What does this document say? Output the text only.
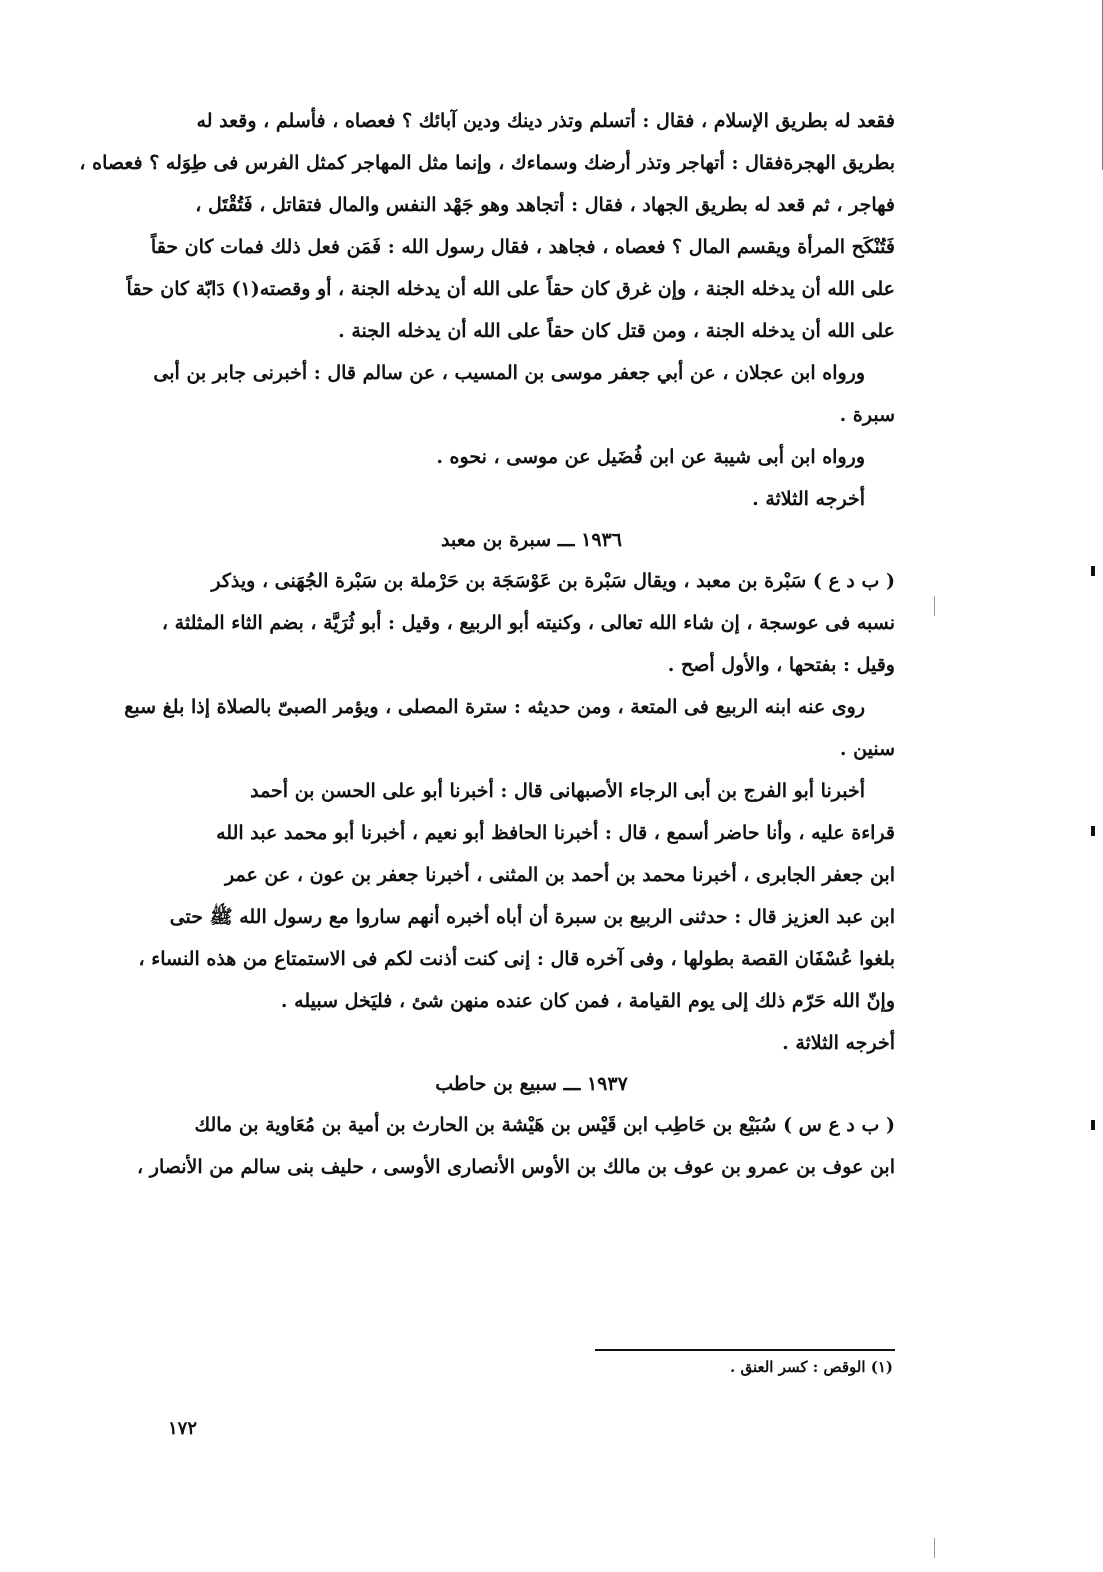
فقعد له بطريق الإسلام ، فقال : أتسلم وتذر دينك ودين آبائك ؟ فعصاه ، فأسلم ، وقعد له
بطريق الهجرةفقال : أتهاجر وتذر أرضك وسماءك ، وإنما مثل المهاجر كمثل الفرس فى طِوَله ؟ فعصاه ،
فهاجر ، ثم قعد له بطريق الجهاد ، فقال : أتجاهد وهو جَهْد النفس والمال فتقاتل ، فَتُقْتَل ،
فَتُنْكَح المرأة ويقسم المال ؟ فعصاه ، فجاهد ، فقال رسول الله : فَمَن فعل ذلك فمات كان حقاً
على الله أن يدخله الجنة ، وإن غرق كان حقاً على الله أن يدخله الجنة ، أو وقصته(١) دَابّة كان حقاً
على الله أن يدخله الجنة ، ومن قتل كان حقاً على الله أن يدخله الجنة .
ورواه ابن عجلان ، عن أبي جعفر موسى بن المسيب ، عن سالم قال : أخبرنى جابر بن أبى
سبرة .
ورواه ابن أبى شيبة عن ابن فُضَيل عن موسى ، نحوه .
أخرجه الثلاثة .
١٩٣٦ ـــ سبرة بن معبد
( ب د ع ) سَبْرة بن معبد ، ويقال سَبْرة بن عَوْسَجَة بن حَرْملة بن سَبْرة الجُهَنى ، ويذكر
نسبه فى عوسجة ، إن شاء الله تعالى ، وكنيته أبو الربيع ، وقيل : أبو ثُرَيَّة ، بضم الثاء المثلثة ،
وقيل : بفتحها ، والأول أصح .
روى عنه ابنه الربيع فى المتعة ، ومن حديثه : سترة المصلى ، ويؤمر الصبىّ بالصلاة إذا بلغ سبع
سنين .
أخبرنا أبو الفرج بن أبى الرجاء الأصبهانى قال : أخبرنا أبو على الحسن بن أحمد
قراءة عليه ، وأنا حاضر أسمع ، قال : أخبرنا الحافظ أبو نعيم ، أخبرنا أبو محمد عبد الله
ابن جعفر الجابرى ، أخبرنا محمد بن أحمد بن المثنى ، أخبرنا جعفر بن عون ، عن عمر
ابن عبد العزيز قال : حدثنى الربيع بن سبرة أن أباه أخبره أنهم ساروا مع رسول الله ﷺ حتى
بلغوا عُسْفَان القصة بطولها ، وفى آخره قال : إنى كنت أذنت لكم فى الاستمتاع من هذه النساء ،
وإنّ الله حَرّم ذلك إلى يوم القيامة ، فمن كان عنده منهن شئ ، فليَخل سبيله .
أخرجه الثلاثة .
١٩٣٧ ـــ سبيع بن حاطب
( ب د ع س ) سُبَيْع بن حَاطِب ابن قَيْس بن هَيْشة بن الحارث بن أمية بن مُعَاوية بن مالك
ابن عوف بن عمرو بن عوف بن مالك بن الأوس الأنصارى الأوسى ، حليف بنى سالم من الأنصار ،
(١) الوقص : كسر العنق .
١٧٢
